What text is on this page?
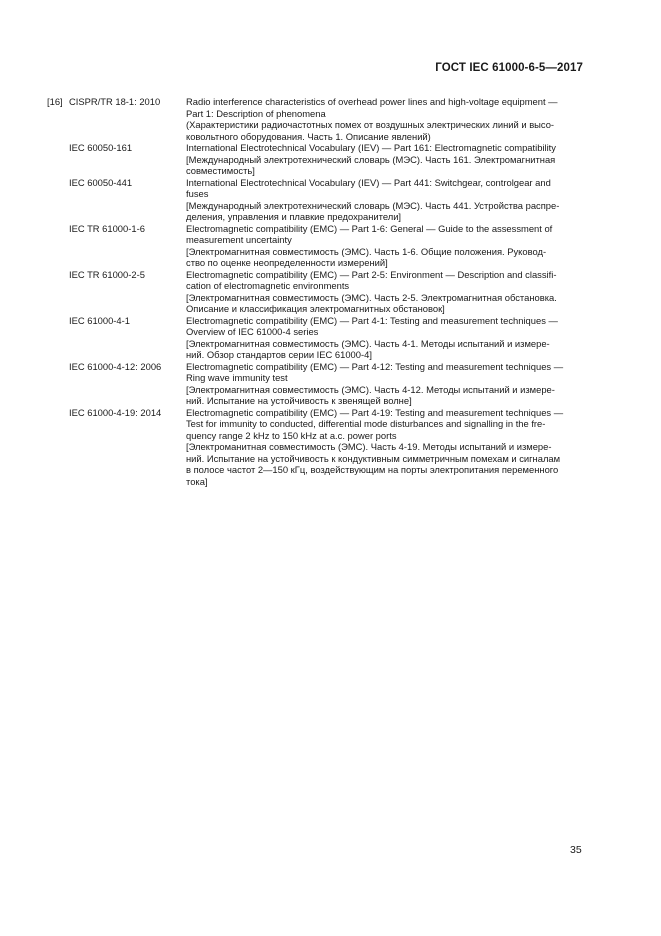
ГОСТ IEC 61000-6-5—2017
[16] CISPR/TR 18-1: 2010	Radio interference characteristics of overhead power lines and high-voltage equipment —
Part 1: Description of phenomena
(Характеристики радиочастотных помех от воздушных электрических линий и высо-
ковольтного оборудования. Часть 1. Описание явлений)
IEC 60050-161	International Electrotechnical Vocabulary (IEV) — Part 161: Electromagnetic compatibility
[Международный электротехнический словарь (МЭС). Часть 161. Электромагнитная
совместимость]
IEC 60050-441	International Electrotechnical Vocabulary (IEV) — Part 441: Switchgear, controlgear and
fuses
[Международный электротехнический словарь (МЭС). Часть 441. Устройства распре-
деления, управления и плавкие предохранители]
IEC TR 61000-1-6	Electromagnetic compatibility (EMC) — Part 1-6: General — Guide to the assessment of
measurement uncertainty
[Электромагнитная совместимость (ЭМС). Часть 1-6. Общие положения. Руковод-
ство по оценке неопределенности измерений]
IEC TR 61000-2-5	Electromagnetic compatibility (EMC) — Part 2-5: Environment — Description and classifi-
cation of electromagnetic environments
[Электромагнитная совместимость (ЭМС). Часть 2-5. Электромагнитная обстановка.
Описание и классификация электромагнитных обстановок]
IEC 61000-4-1	Electromagnetic compatibility (EMC) — Part 4-1: Testing and measurement techniques —
Overview of IEC 61000-4 series
[Электромагнитная совместимость (ЭМС). Часть 4-1. Методы испытаний и измере-
ний. Обзор стандартов серии IEC 61000-4]
IEC 61000-4-12: 2006	Electromagnetic compatibility (EMC) — Part 4-12: Testing and measurement techniques —
Ring wave immunity test
[Электромагнитная совместимость (ЭМС). Часть 4-12. Методы испытаний и измере-
ний. Испытание на устойчивость к звенящей волне]
IEC 61000-4-19: 2014	Electromagnetic compatibility (EMC) — Part 4-19: Testing and measurement techniques —
Test for immunity to conducted, differential mode disturbances and signalling in the fre-
quency range 2 kHz to 150 kHz at a.c. power ports
[Электроманитная совместимость (ЭМС). Часть 4-19. Методы испытаний и измере-
ний. Испытание на устойчивость к кондуктивным симметричным помехам и сигналам
в полосе частот 2—150 кГц, воздействующим на порты электропитания переменного
тока]
35
